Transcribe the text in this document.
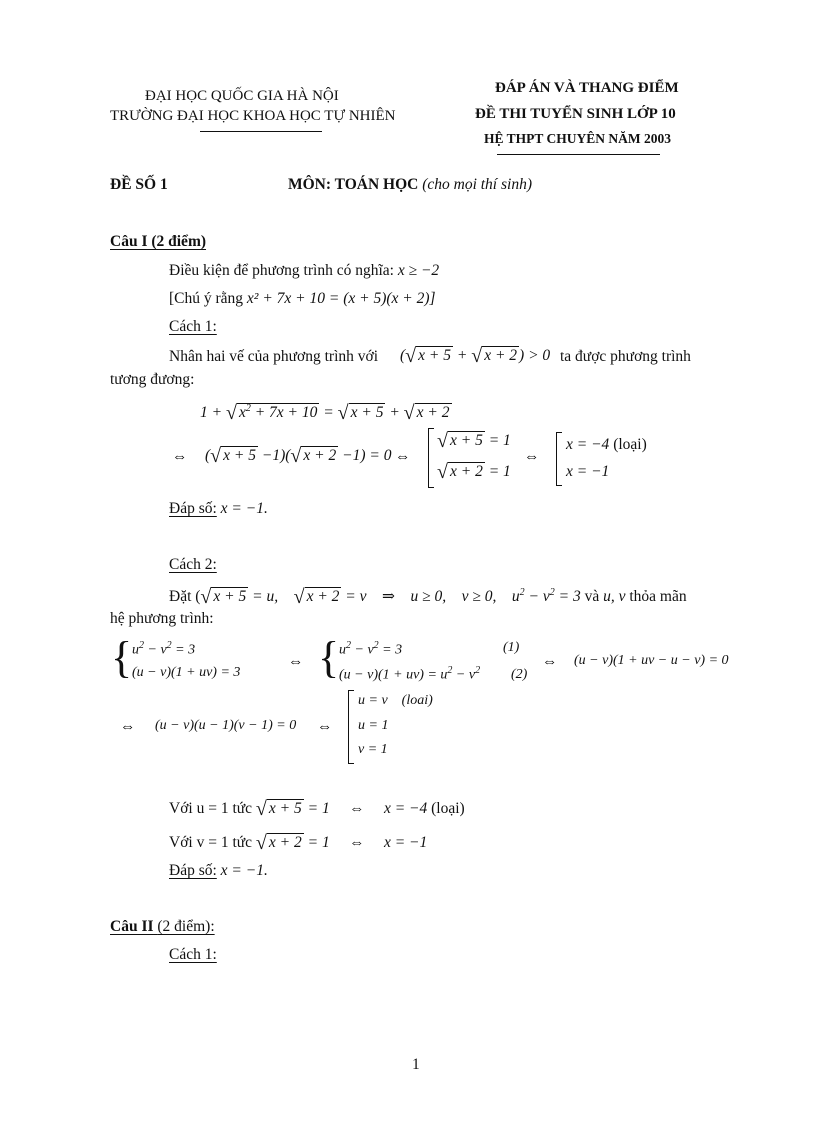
ĐẠI HỌC QUỐC GIA HÀ NỘI
TRƯỜNG ĐẠI HỌC KHOA HỌC TỰ NHIÊN
ĐÁP ÁN VÀ THANG ĐIỂM
ĐỀ THI TUYỂN SINH LỚP 10
HỆ THPT CHUYÊN NĂM 2003
ĐỀ SỐ 1	MÔN: TOÁN HỌC (cho mọi thí sinh)
Câu I (2 điểm)
Điều kiện để phương trình có nghĩa: x ≥ −2
[Chú ý rằng x² + 7x + 10 = (x + 5)(x + 2)]
Cách 1:
Nhân hai vế của phương trình với (√ x + 5 + √ x + 2 ) > 0 ta được phương trình
tương đương:
1 + √ $x^2 + 7x + 10$ = √ x + 5 + √ x + 2
⇔ (√ x + 5 −1)(√ x + 2 −1) = 0 ⇔
√ x + 5 = 1
√ x + 2 = 1
⇔
x = −4 (loại)
x = −1
Đáp số: x = −1.
Cách 2:
Đặt (√ x + 5 = u,    √ x + 2 = v    ⇒    u ≥ 0,    v ≥ 0,    $u^2 - v^2 = 3$ và u, v thỏa mãn
hệ phương trình:
{ $u^2 - v^2 = 3$
(u − v)(1 + uv) = 3
⇔ { $u^2 - v^2 = 3$
$(u - v)(1 + uv) = u^2 - v^2$
(1)
(2)
⇔ (u − v)(1 + uv − u − v) = 0
⇔ (u − v)(u − 1)(v − 1) = 0 ⇔
u = v    (loai)
u = 1
v = 1
Với u = 1 tức √ x + 5 = 1     ⇔     x = −4 (loại)
Với v = 1 tức √ x + 2 = 1     ⇔     x = −1
Đáp số: x = −1.
Câu II (2 điểm):
Cách 1:
1
